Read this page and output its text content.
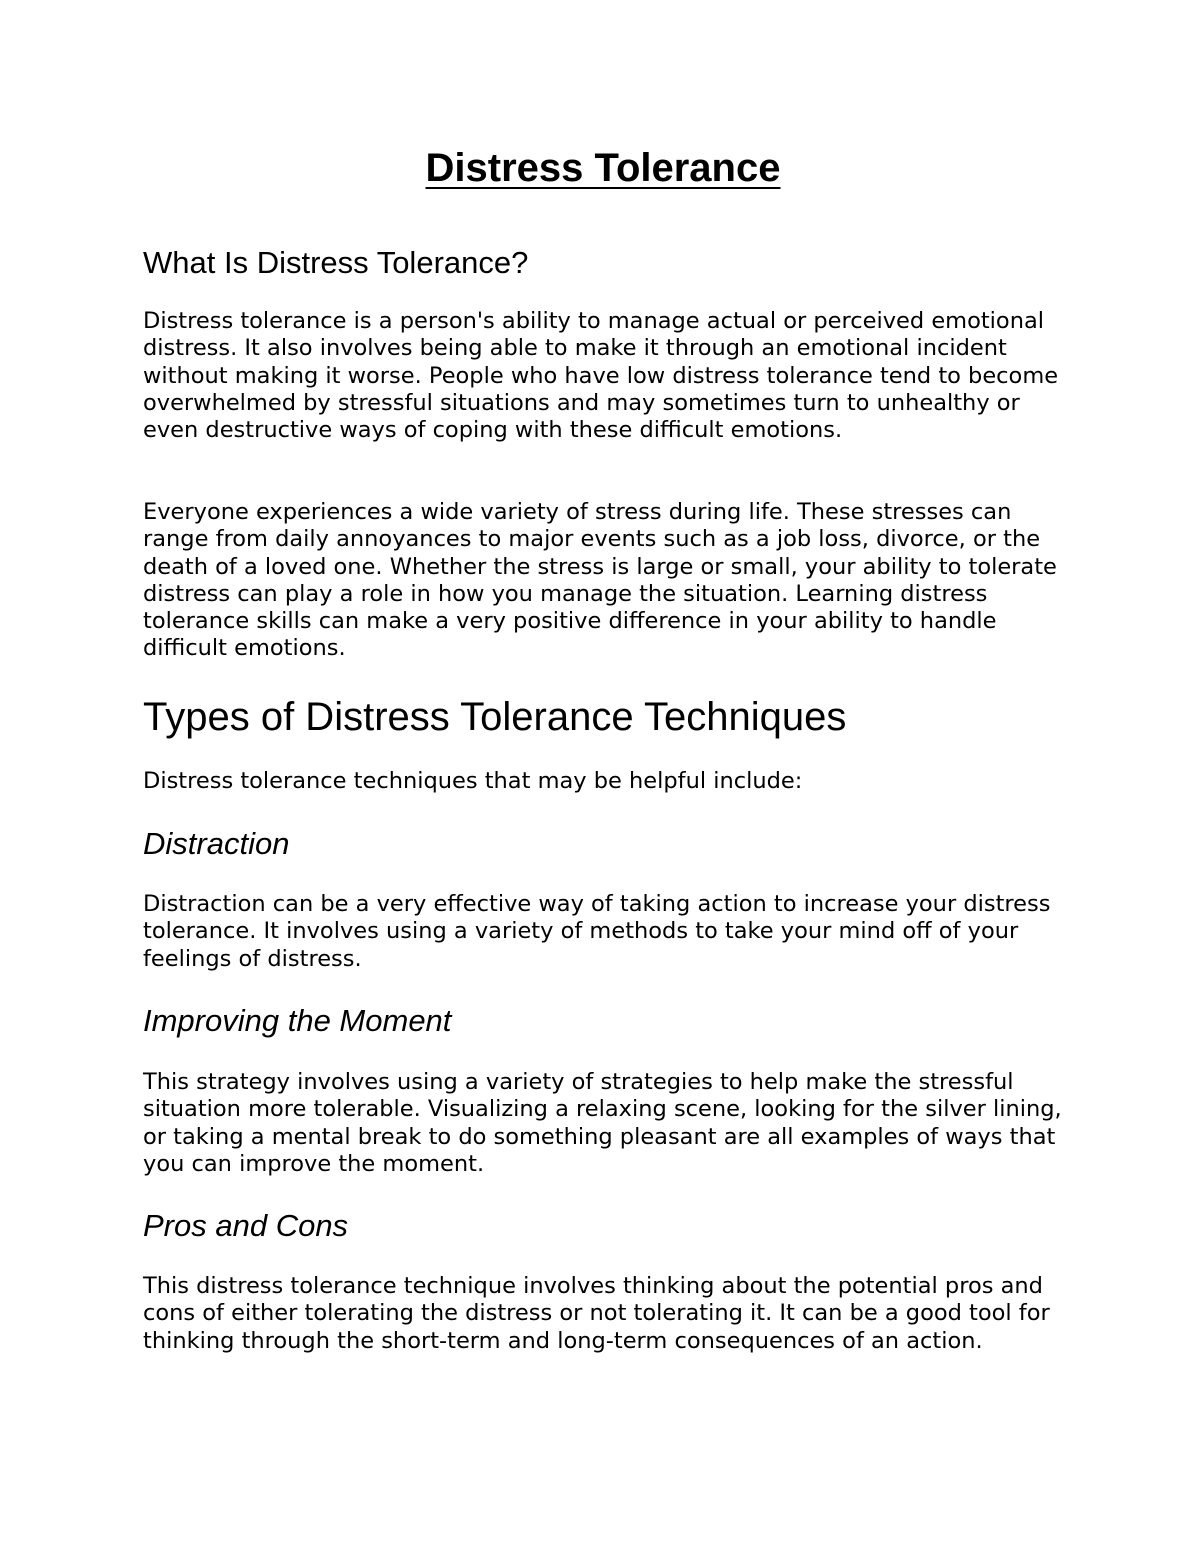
Distress Tolerance
What Is Distress Tolerance?

Distress tolerance is a person's ability to manage actual or perceived emotional distress. It also involves being able to make it through an emotional incident without making it worse. People who have low distress tolerance tend to become overwhelmed by stressful situations and may sometimes turn to unhealthy or even destructive ways of coping with these difficult emotions.

Everyone experiences a wide variety of stress during life. These stresses can range from daily annoyances to major events such as a job loss, divorce, or the death of a loved one. Whether the stress is large or small, your ability to tolerate distress can play a role in how you manage the situation. Learning distress tolerance skills can make a very positive difference in your ability to handle difficult emotions.

Types of Distress Tolerance Techniques

Distress tolerance techniques that may be helpful include:

Distraction

Distraction can be a very effective way of taking action to increase your distress tolerance. It involves using a variety of methods to take your mind off of your feelings of distress.

Improving the Moment

This strategy involves using a variety of strategies to help make the stressful situation more tolerable. Visualizing a relaxing scene, looking for the silver lining, or taking a mental break to do something pleasant are all examples of ways that you can improve the moment.

Pros and Cons

This distress tolerance technique involves thinking about the potential pros and cons of either tolerating the distress or not tolerating it. It can be a good tool for thinking through the short-term and long-term consequences of an action.
